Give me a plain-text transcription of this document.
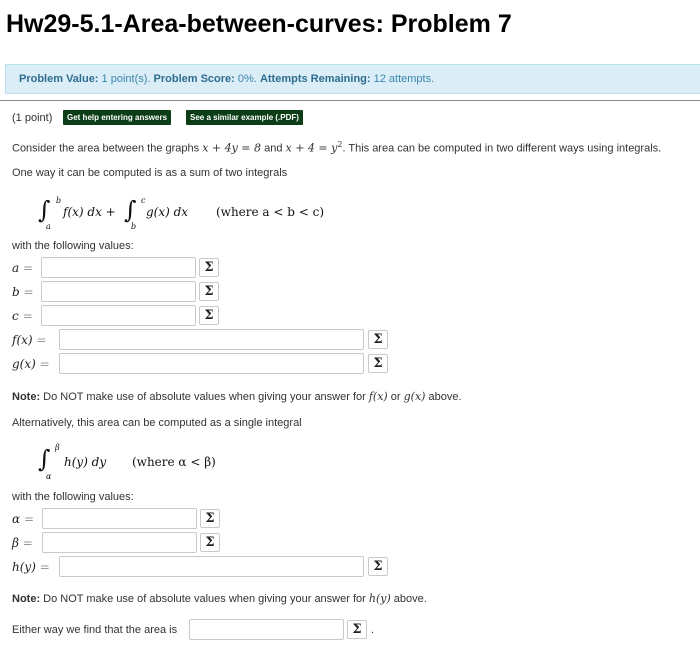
Hw29-5.1-Area-between-curves: Problem 7
Problem Value: 1 point(s). Problem Score: 0%. Attempts Remaining: 12 attempts.
(1 point)	Get help entering answers	See a similar example (.PDF)
Consider the area between the graphs x + 4y = 8 and $x + 4 = y^2$. This area can be computed in two different ways using integrals.
One way it can be computed is as a sum of two integrals
∫ b
a
f(x) dx + ∫ c
b
g(x) dx (where a < b < c)
with the following values:
a =	Σ
b =	Σ
c =	Σ
f(x) =	Σ
g(x) =	Σ
Note: Do NOT make use of absolute values when giving your answer for f(x) or g(x) above.
Alternatively, this area can be computed as a single integral
∫ β
α
h(y) dy (where α < β)
with the following values:
α =	Σ
β =	Σ
h(y) =	Σ
Note: Do NOT make use of absolute values when giving your answer for h(y) above.
Either way we find that the area is	Σ .
